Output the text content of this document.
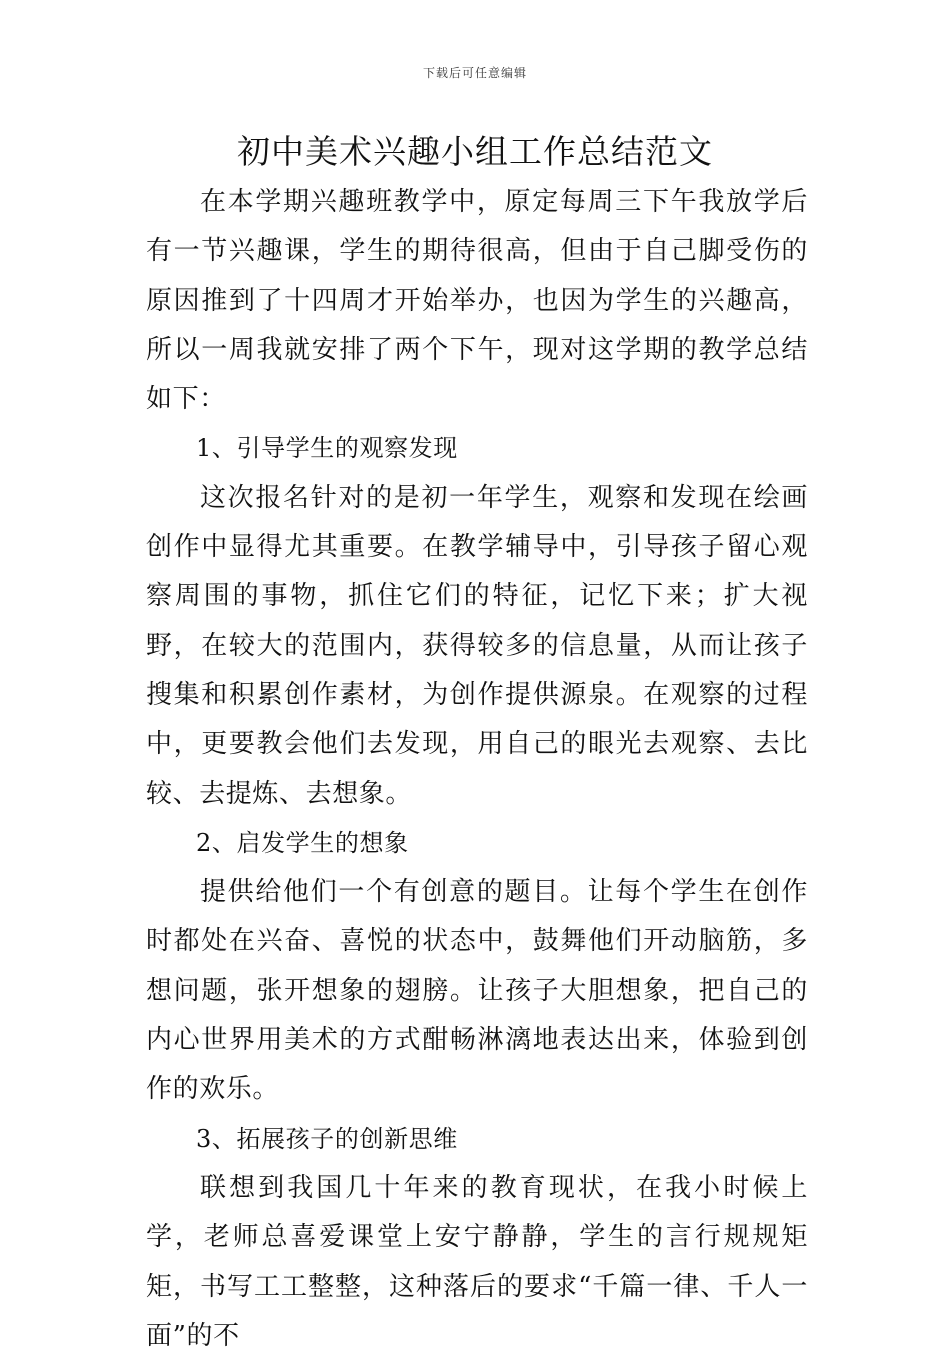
下载后可任意编辑
初中美术兴趣小组工作总结范文

在本学期兴趣班教学中，原定每周三下午我放学后有一节兴趣课，学生的期待很高，但由于自己脚受伤的原因推到了十四周才开始举办，也因为学生的兴趣高，所以一周我就安排了两个下午，现对这学期的教学总结如下：

1、引导学生的观察发现

这次报名针对的是初一年学生，观察和发现在绘画创作中显得尤其重要。在教学辅导中，引导孩子留心观察周围的事物，抓住它们的特征，记忆下来；扩大视野，在较大的范围内，获得较多的信息量，从而让孩子搜集和积累创作素材，为创作提供源泉。在观察的过程中，更要教会他们去发现，用自己的眼光去观察、去比较、去提炼、去想象。

2、启发学生的想象

提供给他们一个有创意的题目。让每个学生在创作时都处在兴奋、喜悦的状态中，鼓舞他们开动脑筋，多想问题，张开想象的翅膀。让孩子大胆想象，把自己的内心世界用美术的方式酣畅淋漓地表达出来，体验到创作的欢乐。

3、拓展孩子的创新思维

联想到我国几十年来的教育现状，在我小时候上学，老师总喜爱课堂上安宁静静，学生的言行规规矩矩，书写工工整整，这种落后的要求“千篇一律、千人一面”的不
